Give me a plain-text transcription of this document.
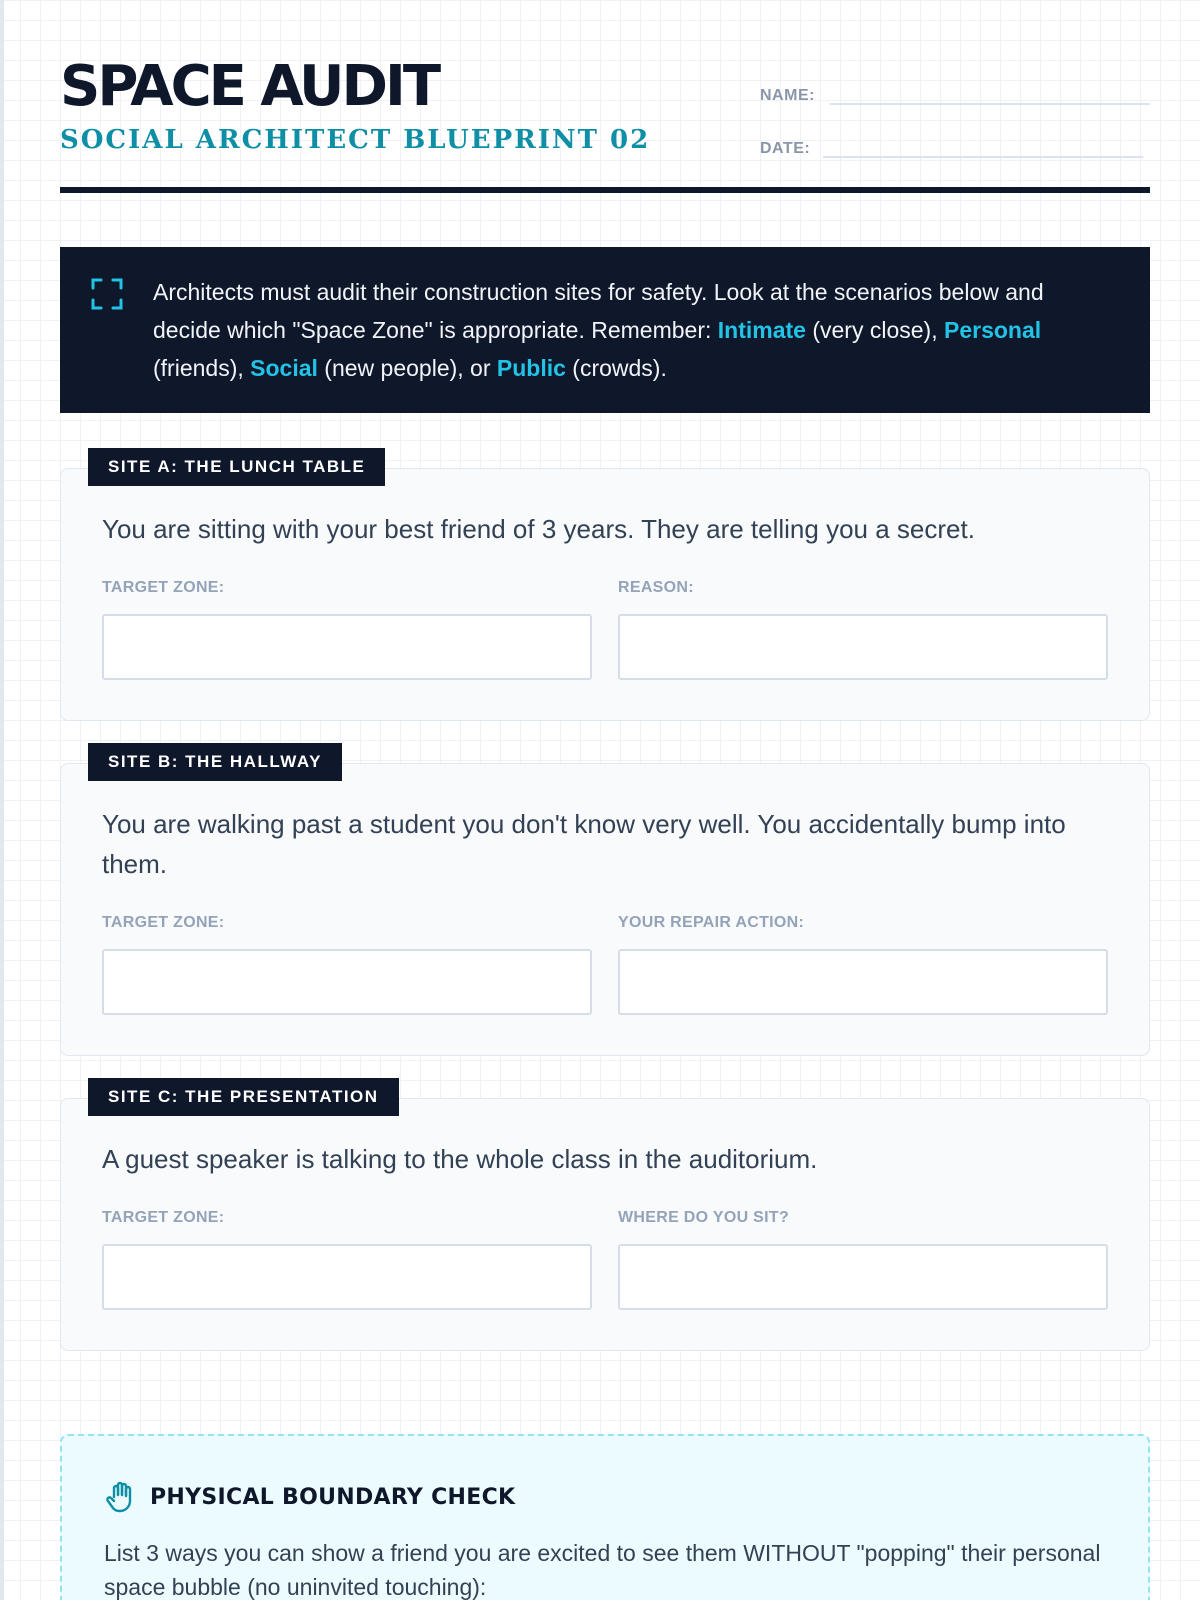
SPACE AUDIT
SOCIAL ARCHITECT BLUEPRINT 02
NAME:
DATE:

Architects must audit their construction sites for safety. Look at the scenarios below and decide which "Space Zone" is appropriate. Remember: Intimate (very close), Personal (friends), Social (new people), or Public (crowds).

You are sitting with your best friend of 3 years. They are telling you a secret.
TARGET ZONE:	REASON:
SITE A: THE LUNCH TABLE
You are walking past a student you don't know very well. You accidentally bump into them.
TARGET ZONE:	YOUR REPAIR ACTION:
SITE B: THE HALLWAY
A guest speaker is talking to the whole class in the auditorium.
TARGET ZONE:	WHERE DO YOU SIT?
SITE C: THE PRESENTATION
PHYSICAL BOUNDARY CHECK

List 3 ways you can show a friend you are excited to see them WITHOUT "popping" their personal space bubble (no uninvited touching):
